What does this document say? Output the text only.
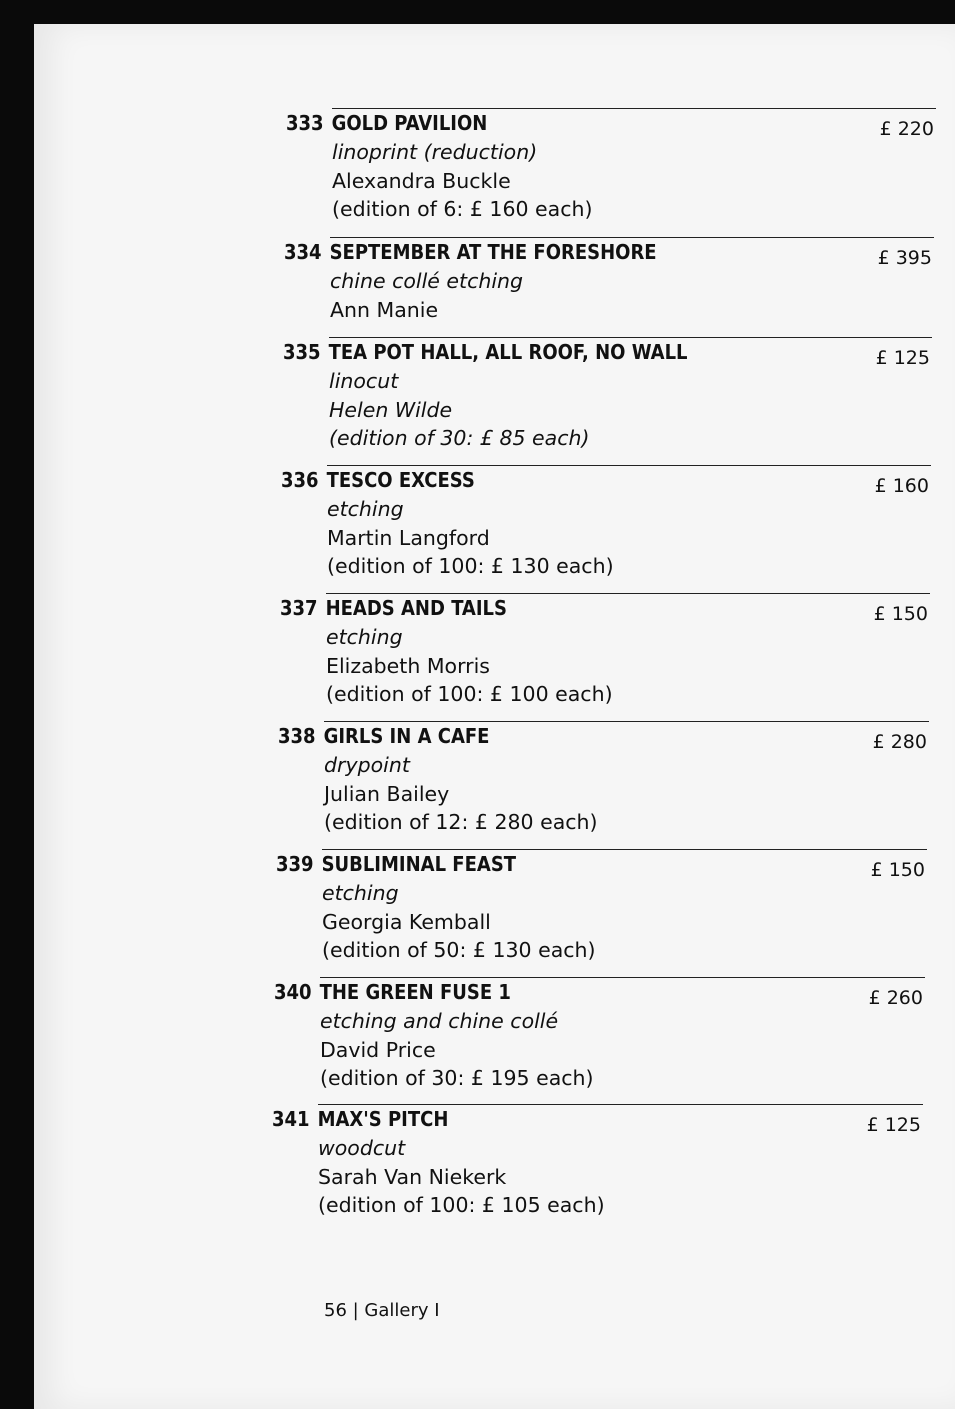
333 GOLD PAVILION
linoprint (reduction)
Alexandra Buckle
(edition of 6: £ 160 each)
£ 220
334 SEPTEMBER AT THE FORESHORE
chine collé etching
Ann Manie
£ 395
335 TEA POT HALL, ALL ROOF, NO WALL
linocut
Helen Wilde
(edition of 30: £ 85 each)
£ 125
336 TESCO EXCESS
etching
Martin Langford
(edition of 100: £ 130 each)
£ 160
337 HEADS AND TAILS
etching
Elizabeth Morris
(edition of 100: £ 100 each)
£ 150
338 GIRLS IN A CAFE
drypoint
Julian Bailey
(edition of 12: £ 280 each)
£ 280
339 SUBLIMINAL FEAST
etching
Georgia Kemball
(edition of 50: £ 130 each)
£ 150
340 THE GREEN FUSE 1
etching and chine collé
David Price
(edition of 30: £ 195 each)
£ 260
341 MAX'S PITCH
woodcut
Sarah Van Niekerk
(edition of 100: £ 105 each)
£ 125
56 | Gallery I
